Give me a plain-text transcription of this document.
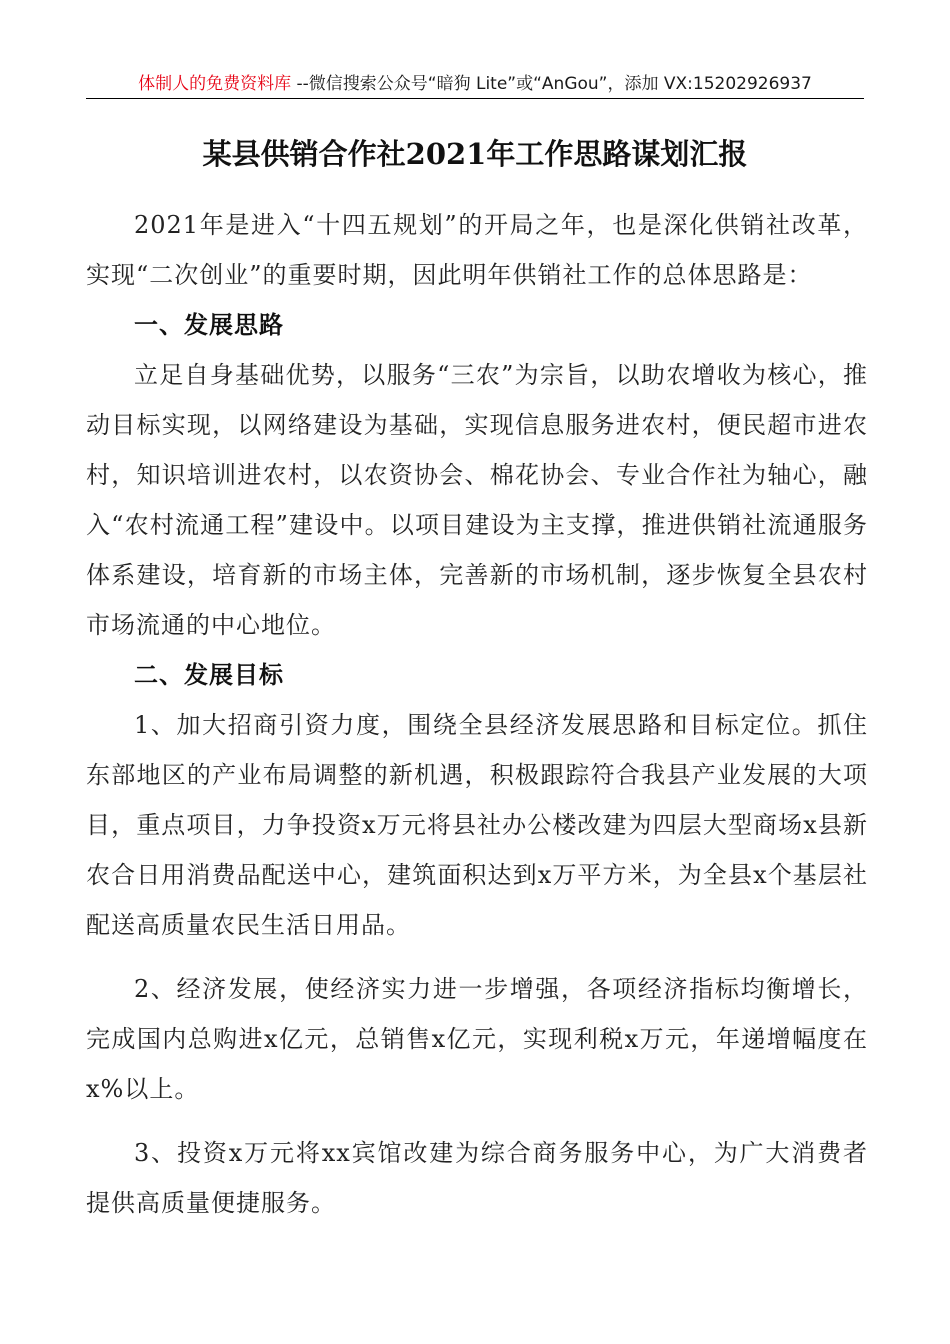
体制人的免费资料库 --微信搜索公众号“暗狗 Lite”或“AnGou”，添加 VX:15202926937
某县供销合作社2021年工作思路谋划汇报

2021年是进入“十四五规划”的开局之年，也是深化供销社改革，实现“二次创业”的重要时期，因此明年供销社工作的总体思路是：

一、发展思路

立足自身基础优势，以服务“三农”为宗旨，以助农增收为核心，推动目标实现，以网络建设为基础，实现信息服务进农村，便民超市进农村，知识培训进农村，以农资协会、棉花协会、专业合作社为轴心，融入“农村流通工程”建设中。以项目建设为主支撑，推进供销社流通服务体系建设，培育新的市场主体，完善新的市场机制，逐步恢复全县农村市场流通的中心地位。

二、发展目标

1、加大招商引资力度，围绕全县经济发展思路和目标定位。抓住东部地区的产业布局调整的新机遇，积极跟踪符合我县产业发展的大项目，重点项目，力争投资x万元将县社办公楼改建为四层大型商场x县新农合日用消费品配送中心，建筑面积达到x万平方米，为全县x个基层社配送高质量农民生活日用品。

2、经济发展，使经济实力进一步增强，各项经济指标均衡增长，完成国内总购进x亿元，总销售x亿元，实现利税x万元，年递增幅度在x%以上。

3、投资x万元将xx宾馆改建为综合商务服务中心，为广大消费者提供高质量便捷服务。
